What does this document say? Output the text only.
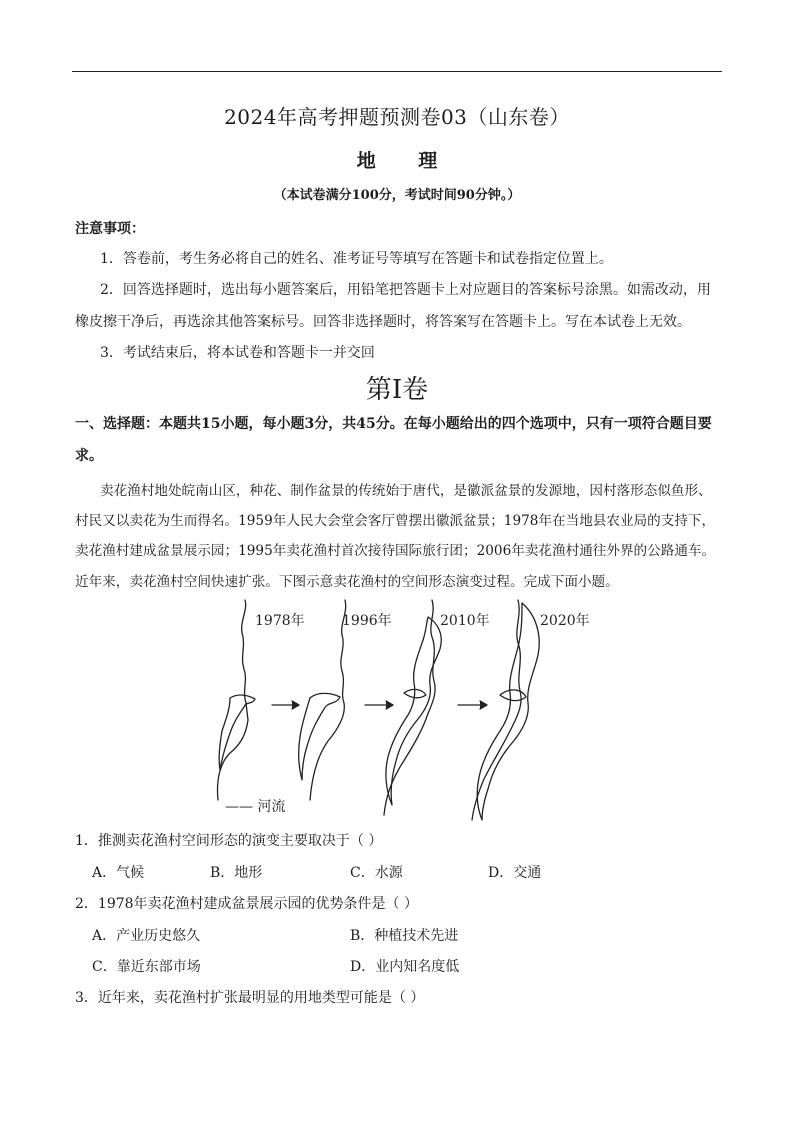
2024年高考押题预测卷03（山东卷）
地 理
（本试卷满分100分，考试时间90分钟。）
注意事项：
1．答卷前，考生务必将自己的姓名、准考证号等填写在答题卡和试卷指定位置上。
2．回答选择题时，选出每小题答案后，用铅笔把答题卡上对应题目的答案标号涂黑。如需改动，用
橡皮擦干净后，再选涂其他答案标号。回答非选择题时，将答案写在答题卡上。写在本试卷上无效。
3．考试结束后，将本试卷和答题卡一并交回
第Ⅰ卷
一、选择题：本题共15小题，每小题3分，共45分。在每小题给出的四个选项中，只有一项符合题目要
求。
卖花渔村地处皖南山区，种花、制作盆景的传统始于唐代，是徽派盆景的发源地，因村落形态似鱼形、
村民又以卖花为生而得名。1959年人民大会堂会客厅曾摆出徽派盆景；1978年在当地县农业局的支持下，
卖花渔村建成盆景展示园；1995年卖花渔村首次接待国际旅行团；2006年卖花渔村通往外界的公路通车。
近年来，卖花渔村空间快速扩张。下图示意卖花渔村的空间形态演变过程。完成下面小题。
1978年	1996年	2010年	2020年
—— 河流
1．推测卖花渔村空间形态的演变主要取决于（ ）
A．气候	B．地形	C．水源	D．交通
2．1978年卖花渔村建成盆景展示园的优势条件是（ ）
A．产业历史悠久	B．种植技术先进
C．靠近东部市场	D．业内知名度低
3．近年来，卖花渔村扩张最明显的用地类型可能是（ ）
